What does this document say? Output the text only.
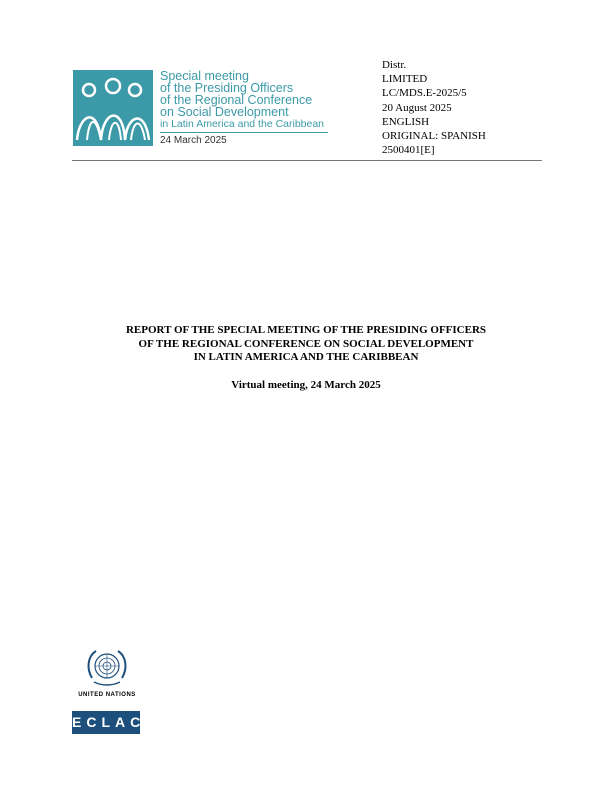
Special meeting
of the Presiding Officers
of the Regional Conference
on Social Development
in Latin America and the Caribbean
24 March 2025
Distr.
LIMITED
LC/MDS.E-2025/5
20 August 2025
ENGLISH
ORIGINAL: SPANISH
2500401[E]
REPORT OF THE SPECIAL MEETING OF THE PRESIDING OFFICERS
OF THE REGIONAL CONFERENCE ON SOCIAL DEVELOPMENT
IN LATIN AMERICA AND THE CARIBBEAN
Virtual meeting, 24 March 2025
UNITED NATIONS
ECLAC
